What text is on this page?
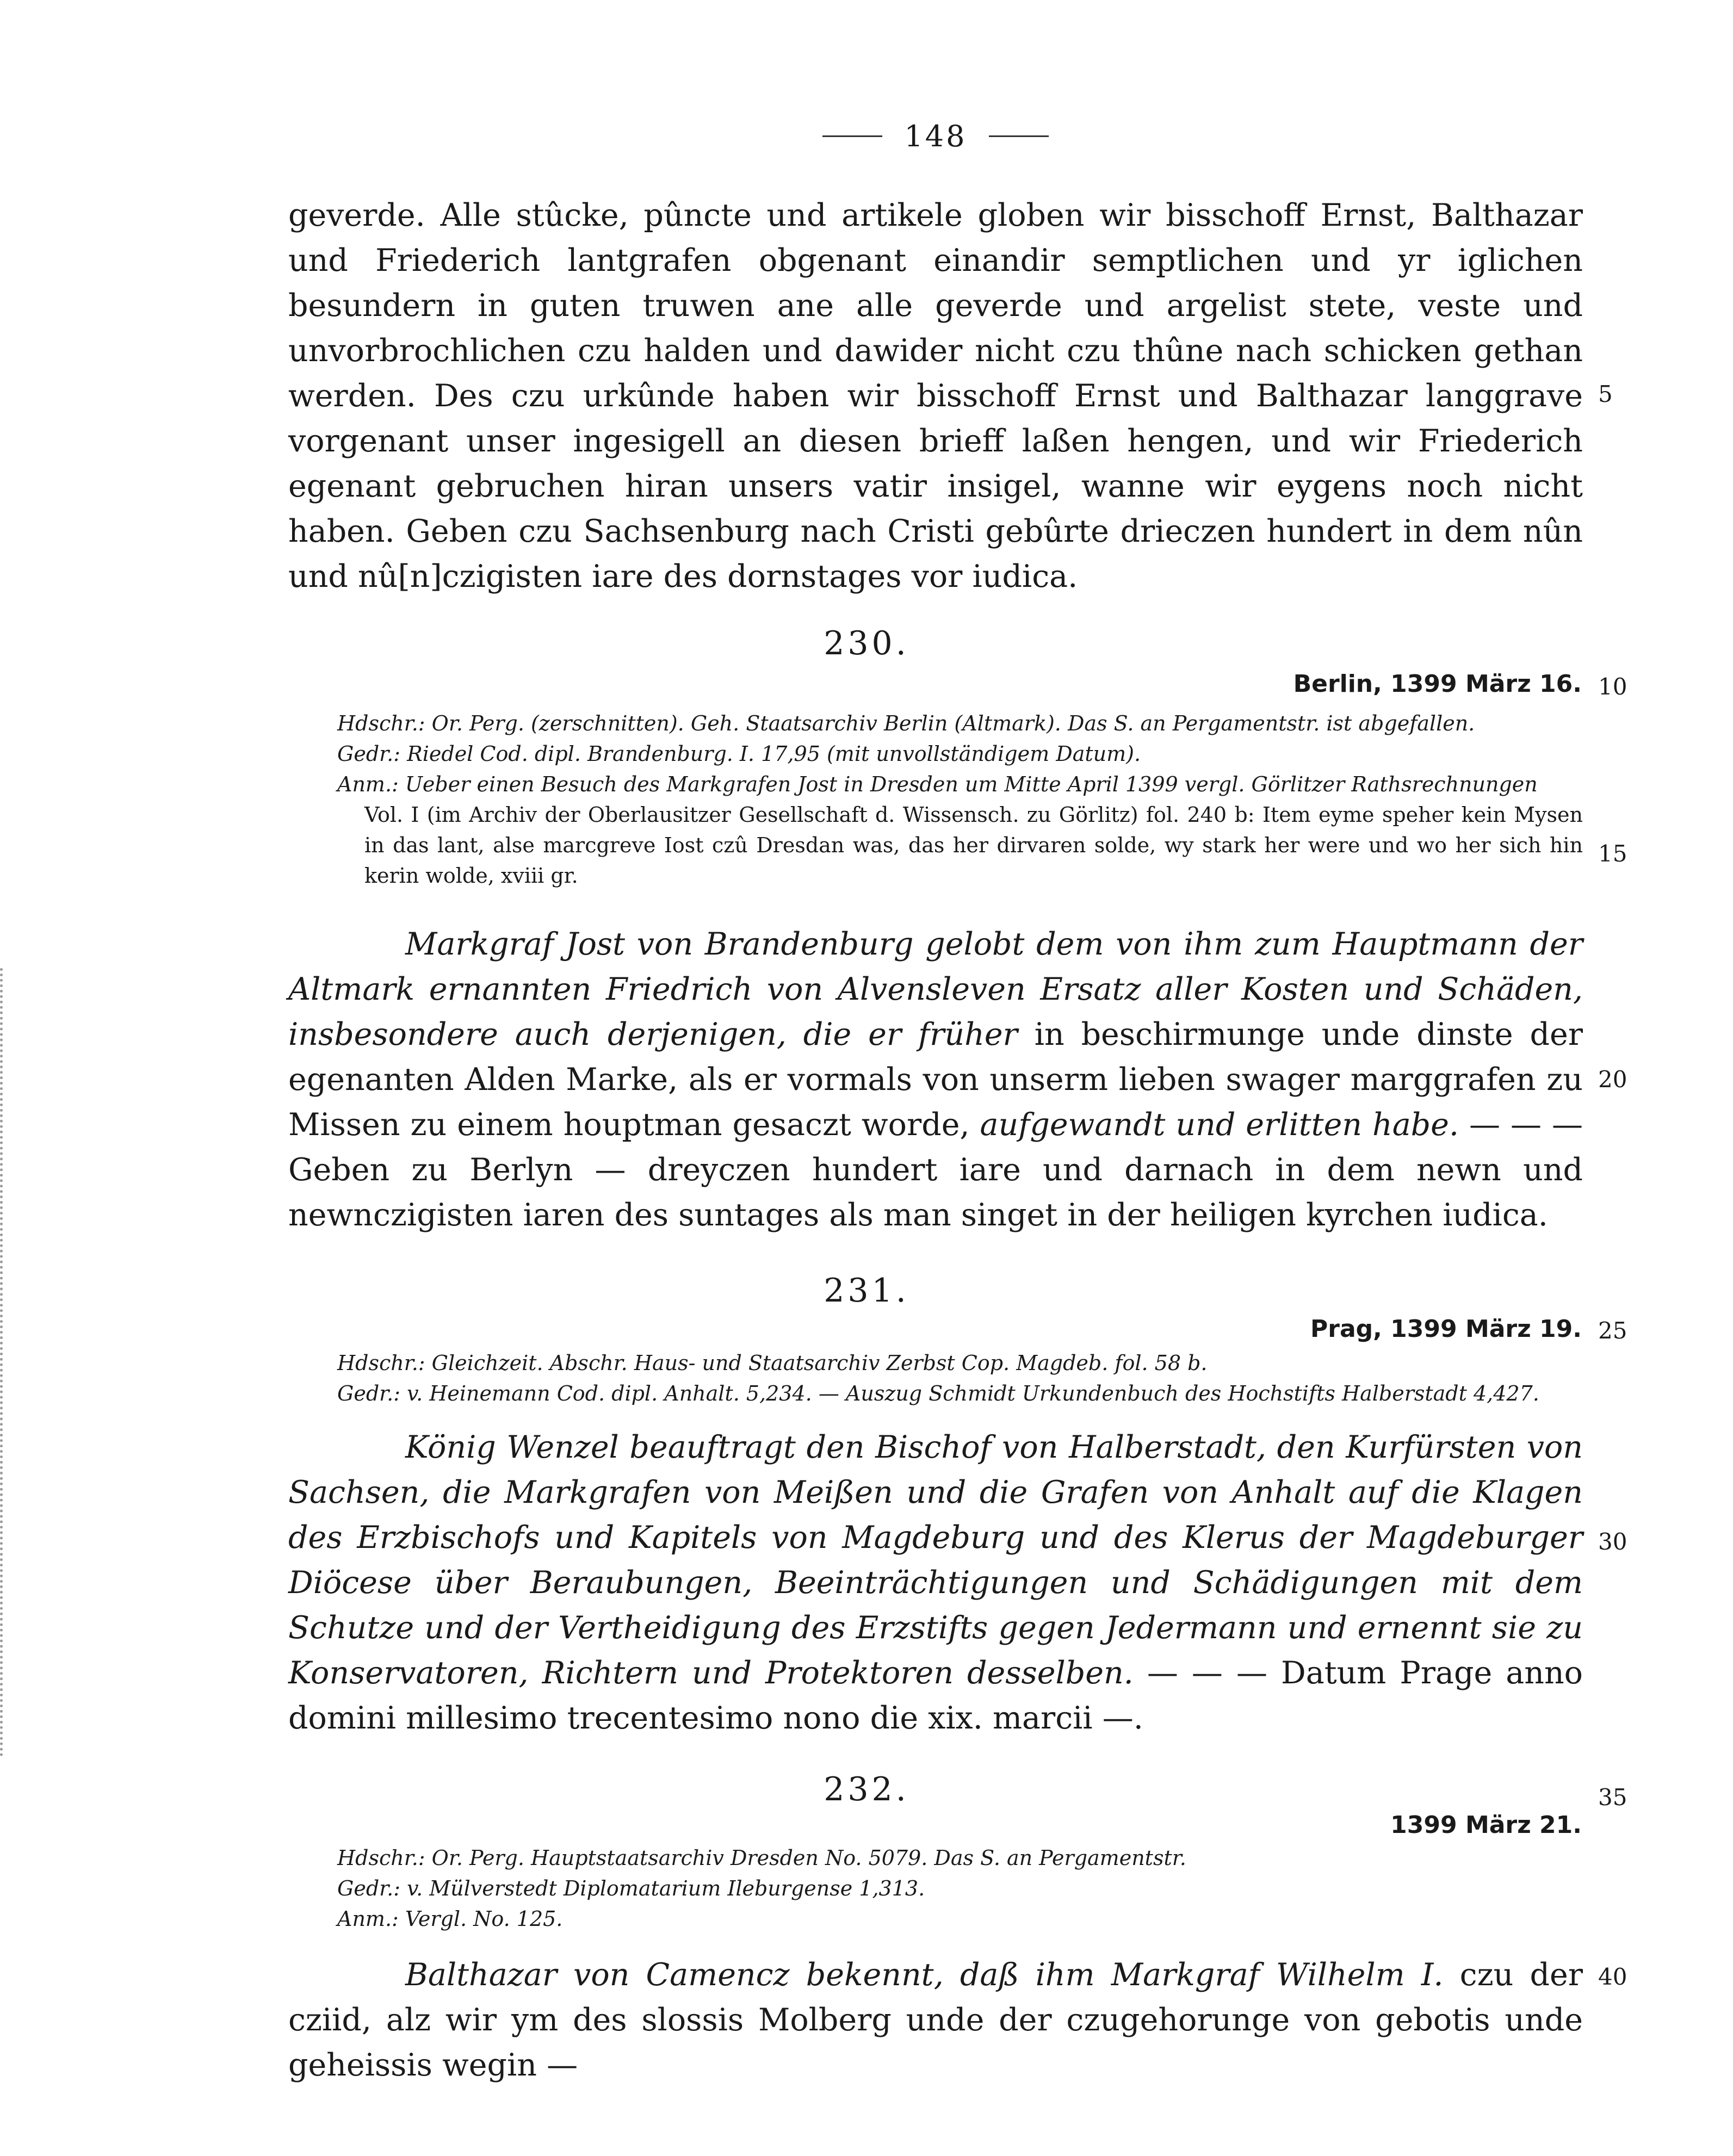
148

geverde. Alle stûcke, pûncte und artikele globen wir bisschoff Ernst, Balthazar und Friederich lantgrafen obgenant einandir semptlichen und yr iglichen besundern in guten truwen ane alle geverde und argelist stete, veste und unvorbrochlichen czu halden und dawider nicht czu thûne nach schicken gethan werden. Des czu urkûnde haben wir bisschoff Ernst und Balthazar langgrave vorgenant unser ingesigell an diesen brieff laßen hengen, und wir Friederich egenant gebruchen hiran unsers vatir insigel, wanne wir eygens noch nicht haben. Geben czu Sachsenburg nach Cristi gebûrte drieczen hundert in dem nûn und nû[n]czigisten iare des dornstages vor iudica.

230.
Berlin, 1399 März 16.

Hdschr.: Or. Perg. (zerschnitten). Geh. Staatsarchiv Berlin (Altmark). Das S. an Pergamentstr. ist abgefallen.

Gedr.: Riedel Cod. dipl. Brandenburg. I. 17,95 (mit unvollständigem Datum).

Anm.: Ueber einen Besuch des Markgrafen Jost in Dresden um Mitte April 1399 vergl. Görlitzer Rathsrechnungen

Vol. I (im Archiv der Oberlausitzer Gesellschaft d. Wissensch. zu Görlitz) fol. 240 b: Item eyme speher kein Mysen in das lant, alse marcgreve Iost czû Dresdan was, das her dirvaren solde, wy stark her were und wo her sich hin kerin wolde, xviii gr.

Markgraf Jost von Brandenburg gelobt dem von ihm zum Hauptmann der Altmark ernannten Friedrich von Alvensleven Ersatz aller Kosten und Schäden, insbesondere auch derjenigen, die er früher in beschirmunge unde dinste der egenanten Alden Marke, als er vormals von unserm lieben swager marggrafen zu Missen zu einem houptman gesaczt worde, aufgewandt und erlitten habe. — — — Geben zu Berlyn — dreyczen hundert iare und darnach in dem newn und newnczigisten iaren des suntages als man singet in der heiligen kyrchen iudica.

231.
Prag, 1399 März 19.

Hdschr.: Gleichzeit. Abschr. Haus- und Staatsarchiv Zerbst Cop. Magdeb. fol. 58 b.

Gedr.: v. Heinemann Cod. dipl. Anhalt. 5,234. — Auszug Schmidt Urkundenbuch des Hochstifts Halberstadt 4,427.

König Wenzel beauftragt den Bischof von Halberstadt, den Kurfürsten von Sachsen, die Markgrafen von Meißen und die Grafen von Anhalt auf die Klagen des Erzbischofs und Kapitels von Magdeburg und des Klerus der Magdeburger Diöcese über Beraubungen, Beeinträchtigungen und Schädigungen mit dem Schutze und der Vertheidigung des Erzstifts gegen Jedermann und ernennt sie zu Konservatoren, Richtern und Protektoren desselben. — — — Datum Prage anno domini millesimo trecentesimo nono die xix. marcii —.

232.
1399 März 21.

Hdschr.: Or. Perg. Hauptstaatsarchiv Dresden No. 5079. Das S. an Pergamentstr.

Gedr.: v. Mülverstedt Diplomatarium Ileburgense 1,313.

Anm.: Vergl. No. 125.

Balthazar von Camencz bekennt, daß ihm Markgraf Wilhelm I. czu der cziid, alz wir ym des slossis Molberg unde der czugehorunge von gebotis unde geheissis wegin —

5
10
15
20
25
30
35
40
